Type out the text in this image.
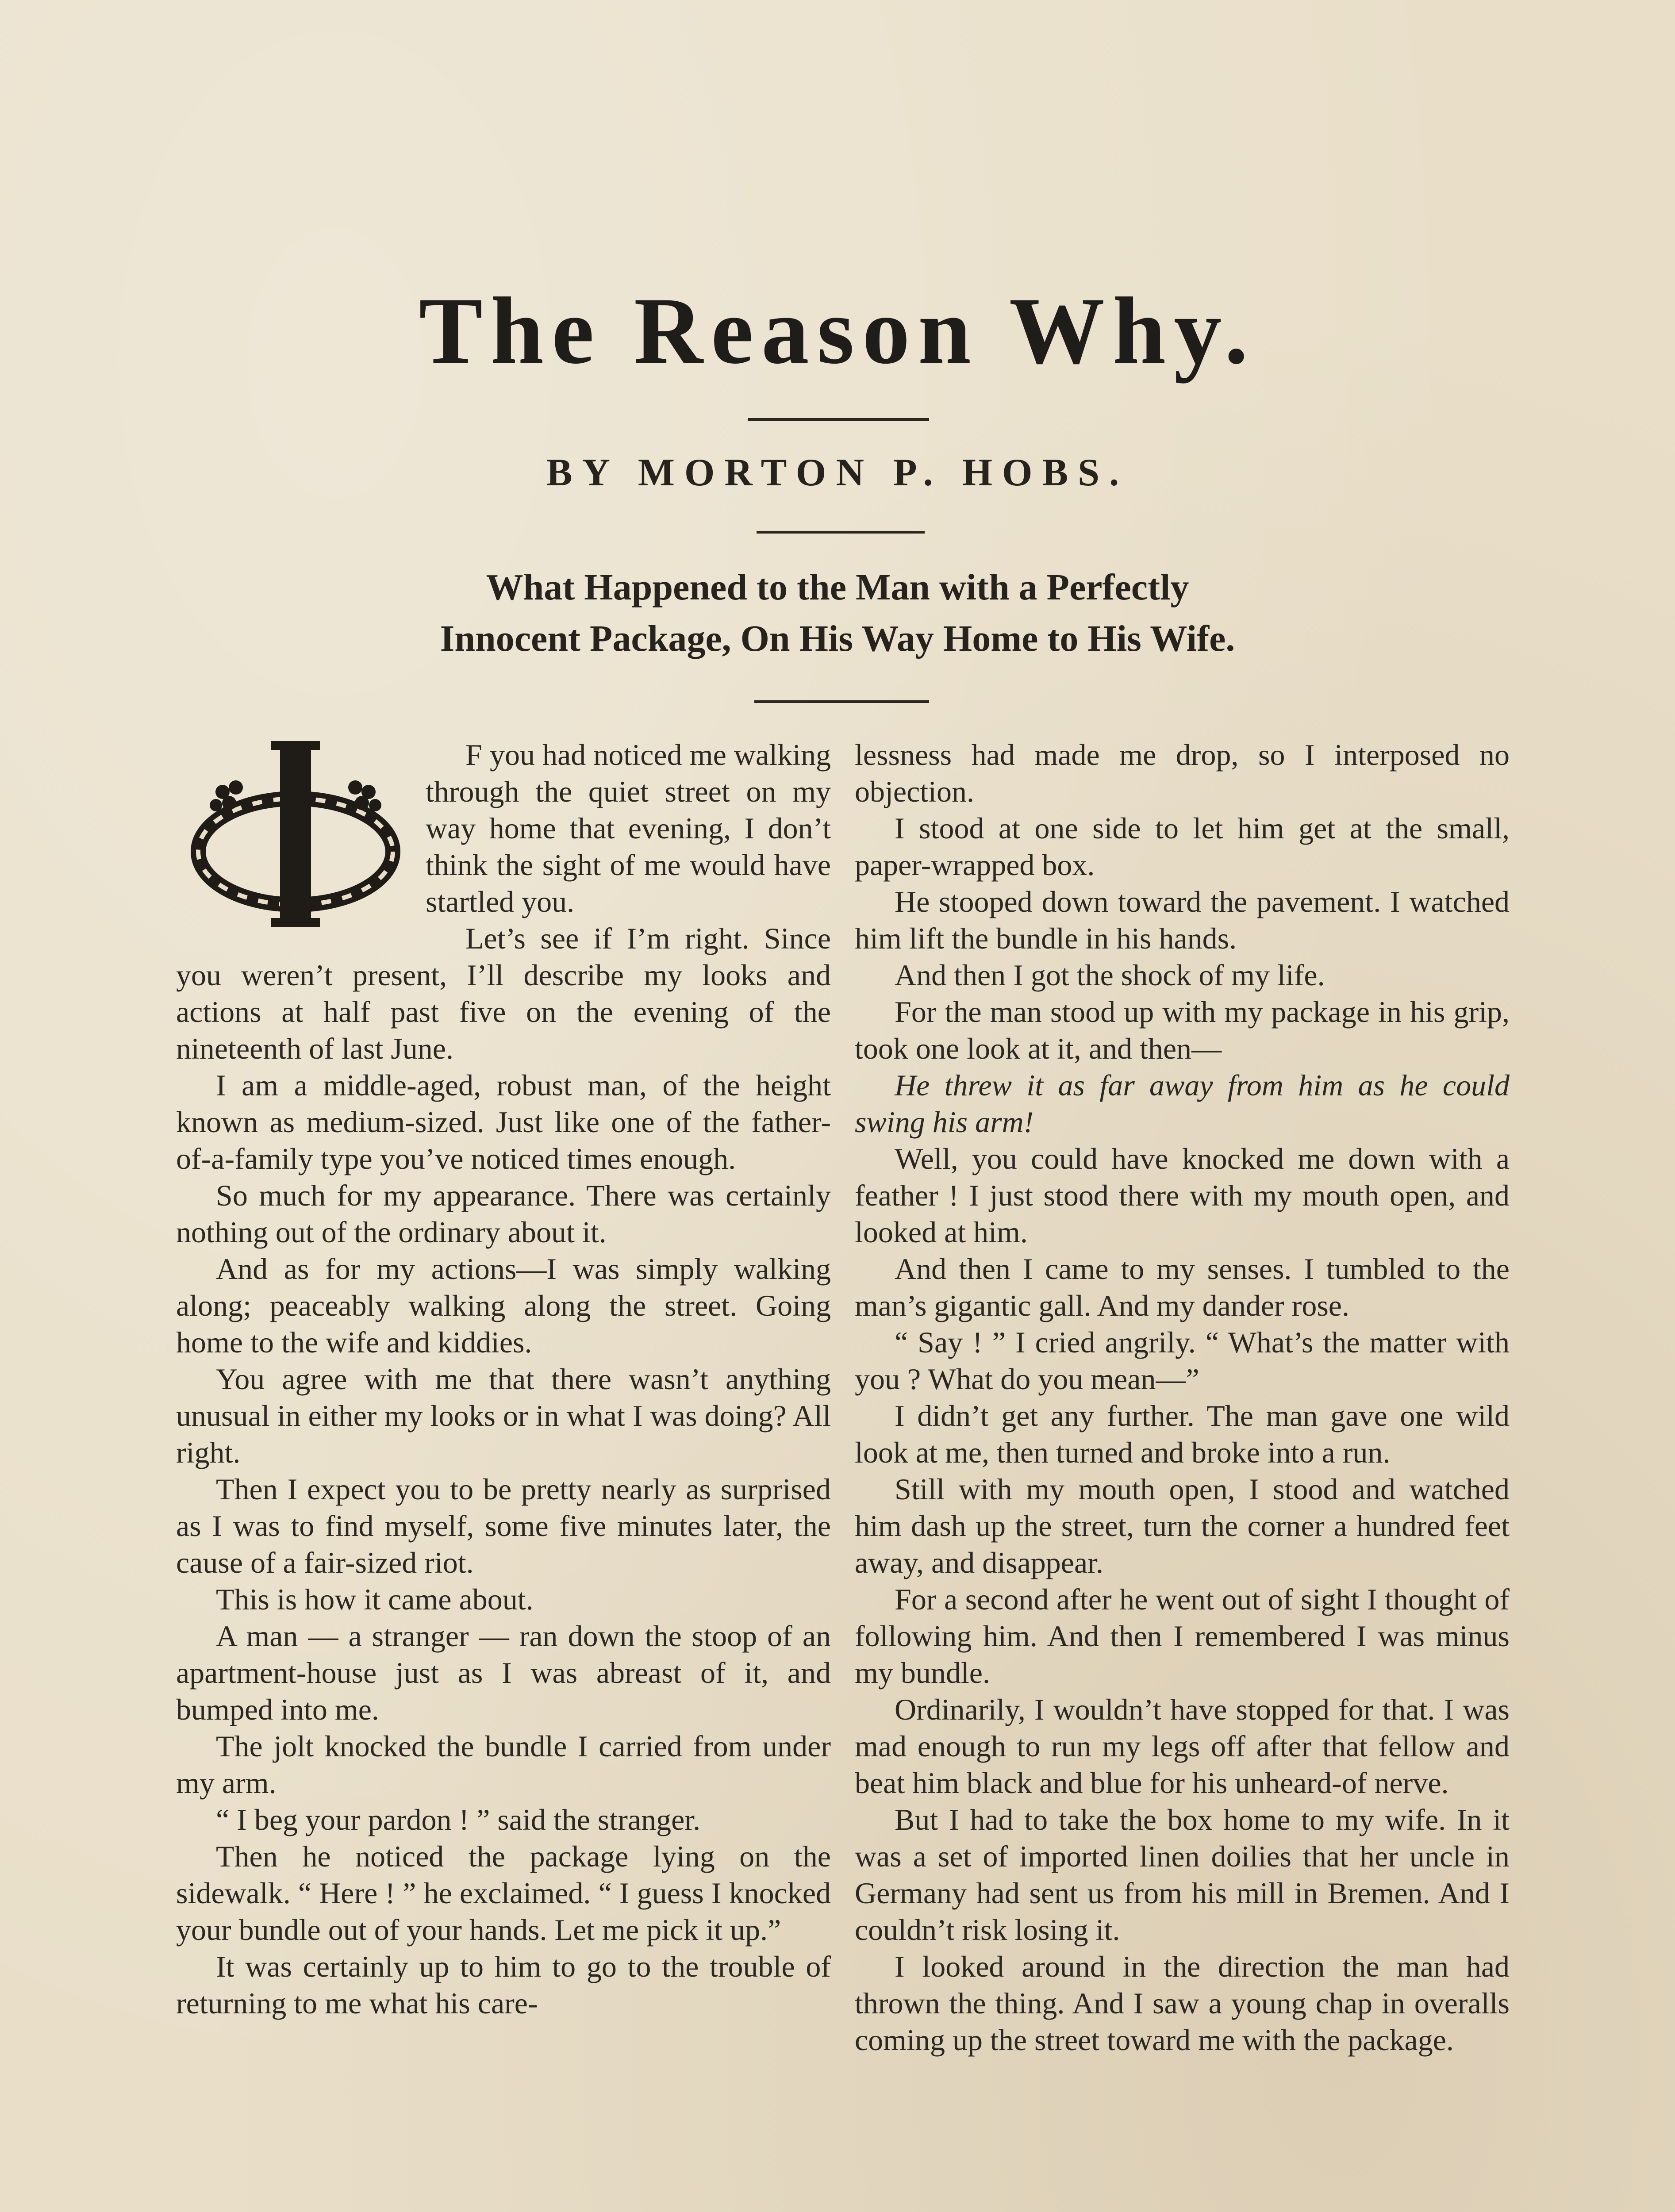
The Reason Why.
BY MORTON P. HOBS.
What Happened to the Man with a Perfectly
Innocent Package, On His Way Home to His Wife.
I

F you had noticed me walking through the quiet street on my way home that evening, I don’t think the sight of me would have startled you.

Let’s see if I’m right. Since you weren’t present, I’ll describe my looks and actions at half past five on the evening of the nineteenth of last June.

I am a middle-aged, robust man, of the height known as medium-sized. Just like one of the father-of-a-family type you’ve noticed times enough.

So much for my appearance. There was certainly nothing out of the ordinary about it.

And as for my actions—I was simply walking along; peaceably walking along the street. Going home to the wife and kiddies.

You agree with me that there wasn’t anything unusual in either my looks or in what I was doing? All right.

Then I expect you to be pretty nearly as surprised as I was to find myself, some five minutes later, the cause of a fair-sized riot.

This is how it came about.

A man — a stranger — ran down the stoop of an apartment-house just as I was abreast of it, and bumped into me.

The jolt knocked the bundle I carried from under my arm.

“ I beg your pardon ! ” said the stranger.

Then he noticed the package lying on the sidewalk. “ Here ! ” he exclaimed. “ I guess I knocked your bundle out of your hands. Let me pick it up.”

It was certainly up to him to go to the trouble of returning to me what his care-

lessness had made me drop, so I interposed no objection.

I stood at one side to let him get at the small, paper-wrapped box.

He stooped down toward the pavement. I watched him lift the bundle in his hands.

And then I got the shock of my life.

For the man stood up with my package in his grip, took one look at it, and then—

He threw it as far away from him as he could swing his arm!

Well, you could have knocked me down with a feather ! I just stood there with my mouth open, and looked at him.

And then I came to my senses. I tumbled to the man’s gigantic gall. And my dander rose.

“ Say ! ” I cried angrily. “ What’s the matter with you ? What do you mean—”

I didn’t get any further. The man gave one wild look at me, then turned and broke into a run.

Still with my mouth open, I stood and watched him dash up the street, turn the corner a hundred feet away, and disappear.

For a second after he went out of sight I thought of following him. And then I remembered I was minus my bundle.

Ordinarily, I wouldn’t have stopped for that. I was mad enough to run my legs off after that fellow and beat him black and blue for his unheard-of nerve.

But I had to take the box home to my wife. In it was a set of imported linen doilies that her uncle in Germany had sent us from his mill in Bremen. And I couldn’t risk losing it.

I looked around in the direction the man had thrown the thing. And I saw a young chap in overalls coming up the street toward me with the package.
